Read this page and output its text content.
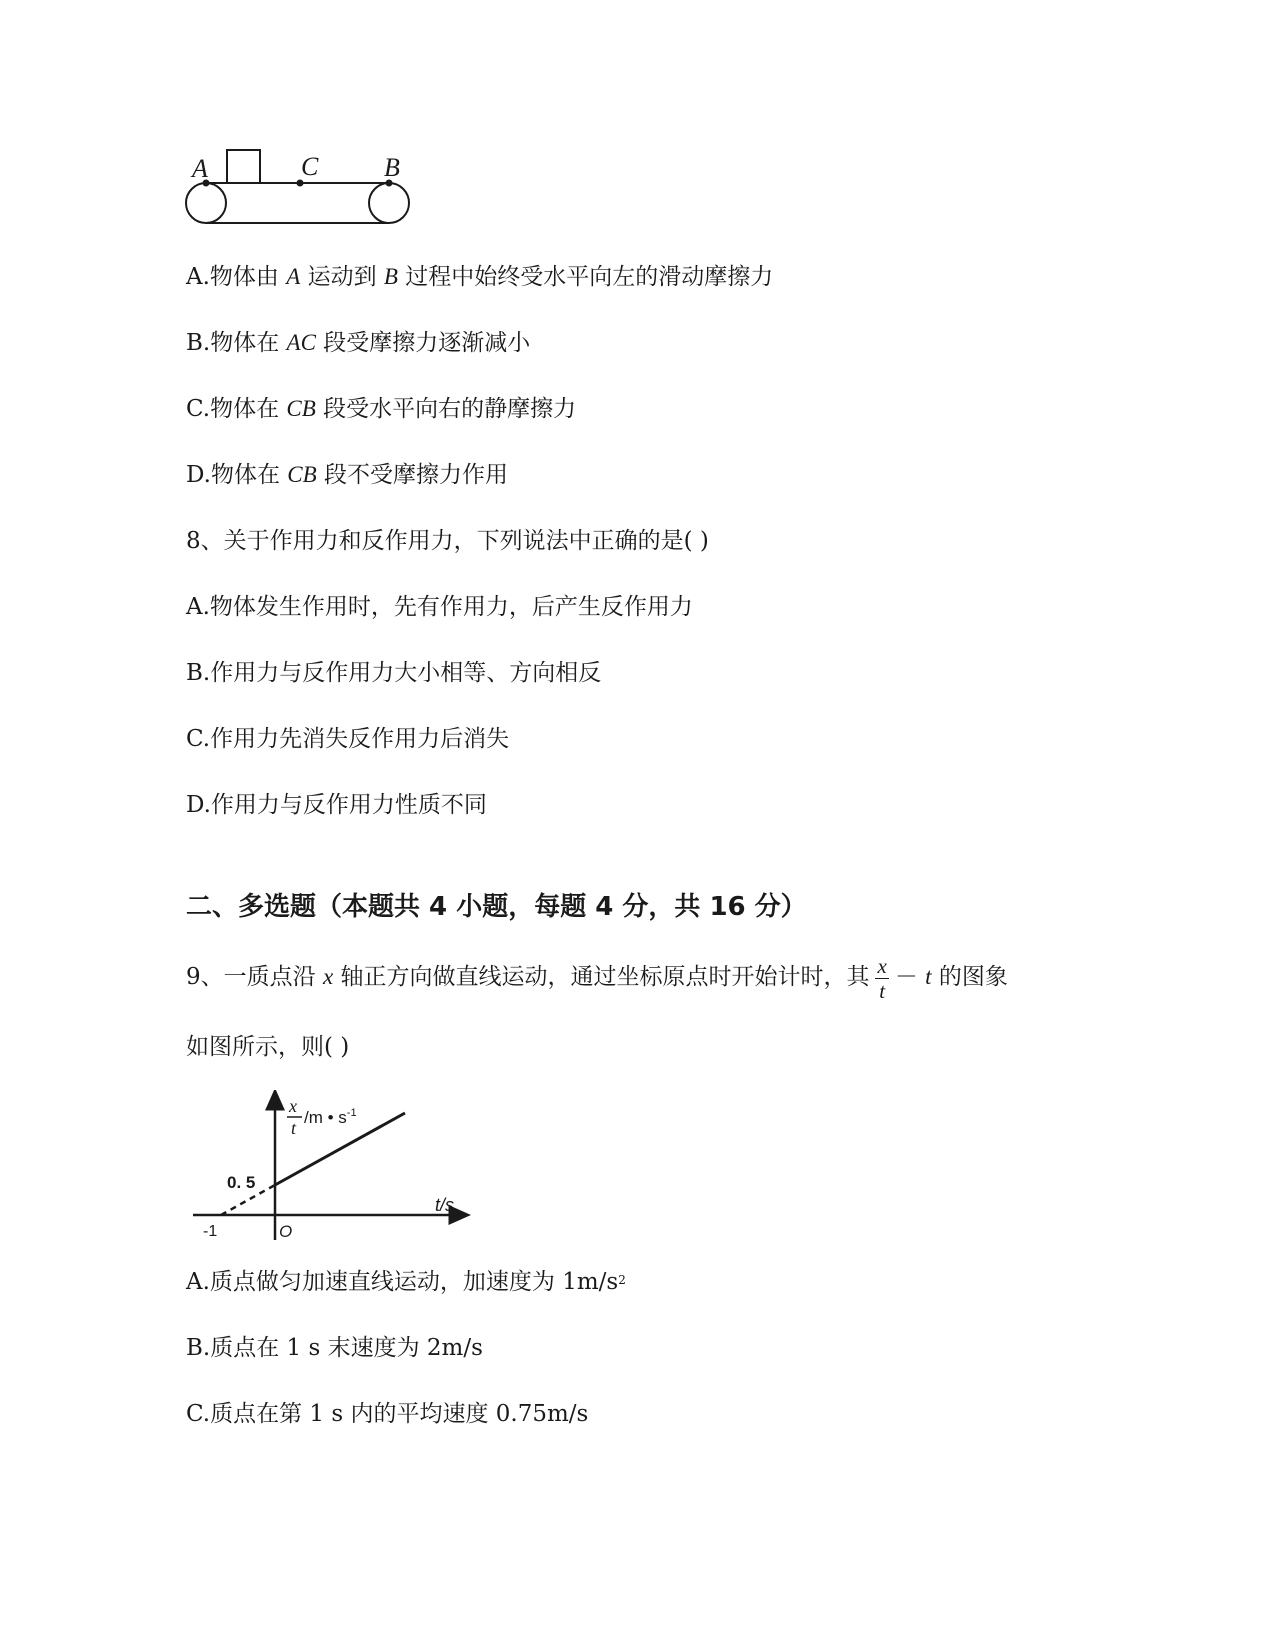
A	C	B
A.物体由 A 运动到 B 过程中始终受水平向左的滑动摩擦力
B.物体在 AC 段受摩擦力逐渐减小
C.物体在 CB 段受水平向右的静摩擦力
D.物体在 CB 段不受摩擦力作用
8、关于作用力和反作用力，下列说法中正确的是( )
A.物体发生作用时，先有作用力，后产生反作用力
B.作用力与反作用力大小相等、方向相反
C.作用力先消失反作用力后消失
D.作用力与反作用力性质不同
二、多选题（本题共 4 小题，每题 4 分，共 16 分）
9、一质点沿 x 轴正方向做直线运动，通过坐标原点时开始计时，其 $\frac{x}{t} - t$ 的图象
如图所示，则( )
x
t
/m • $s^{-1}$
0. 5
t/s
-1	O
A.质点做匀加速直线运动，加速度为 $1m/s^2$
B.质点在 1 s 末速度为 2m/s
C.质点在第 1 s 内的平均速度 0.75m/s
